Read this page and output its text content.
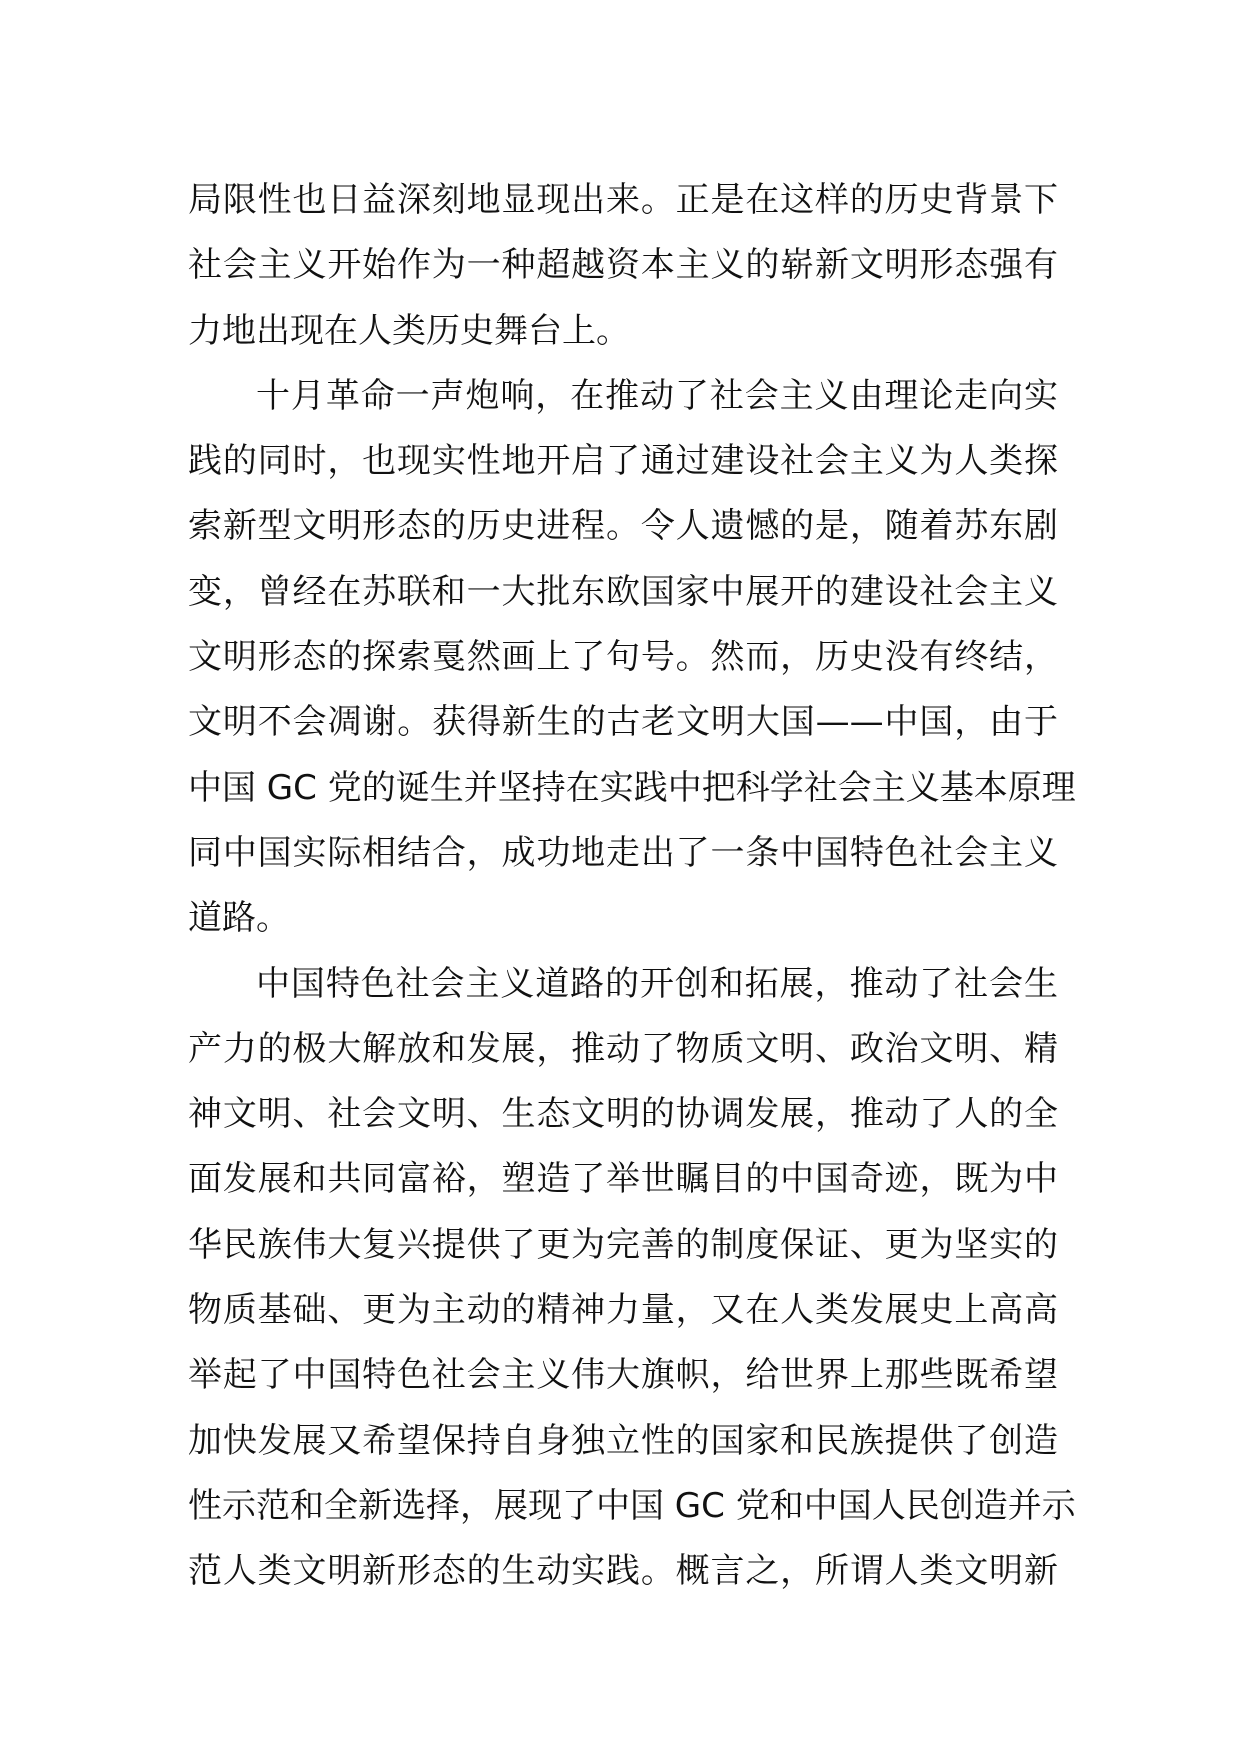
局限性也日益深刻地显现出来。正是在这样的历史背景下
社会主义开始作为一种超越资本主义的崭新文明形态强有
力地出现在人类历史舞台上。
十月革命一声炮响，在推动了社会主义由理论走向实
践的同时，也现实性地开启了通过建设社会主义为人类探
索新型文明形态的历史进程。令人遗憾的是，随着苏东剧
变，曾经在苏联和一大批东欧国家中展开的建设社会主义
文明形态的探索戛然画上了句号。然而，历史没有终结，
文明不会凋谢。获得新生的古老文明大国——中国，由于
中国 GC 党的诞生并坚持在实践中把科学社会主义基本原理
同中国实际相结合，成功地走出了一条中国特色社会主义
道路。
中国特色社会主义道路的开创和拓展，推动了社会生
产力的极大解放和发展，推动了物质文明、政治文明、精
神文明、社会文明、生态文明的协调发展，推动了人的全
面发展和共同富裕，塑造了举世瞩目的中国奇迹，既为中
华民族伟大复兴提供了更为完善的制度保证、更为坚实的
物质基础、更为主动的精神力量，又在人类发展史上高高
举起了中国特色社会主义伟大旗帜，给世界上那些既希望
加快发展又希望保持自身独立性的国家和民族提供了创造
性示范和全新选择，展现了中国 GC 党和中国人民创造并示
范人类文明新形态的生动实践。概言之，所谓人类文明新
